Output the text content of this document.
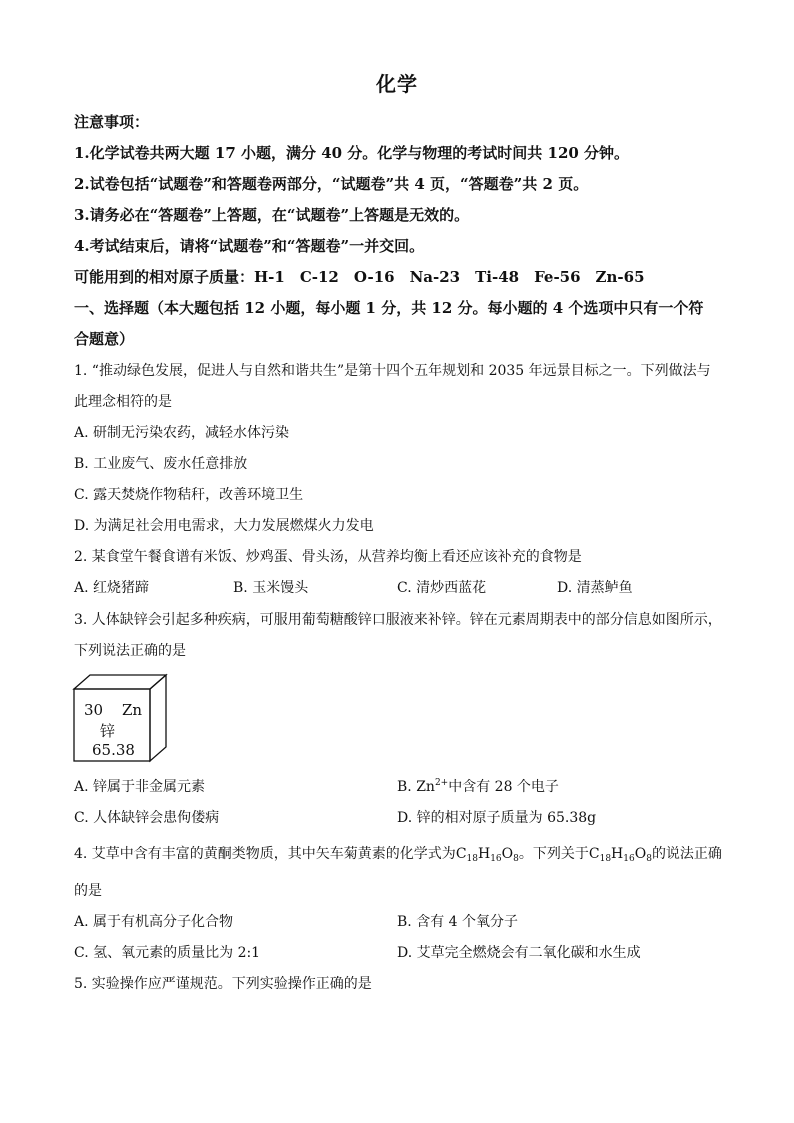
化学
注意事项：
1.化学试卷共两大题 17 小题，满分 40 分。化学与物理的考试时间共 120 分钟。
2.试卷包括“试题卷”和答题卷两部分，“试题卷”共 4 页，“答题卷”共 2 页。
3.请务必在“答题卷”上答题，在“试题卷”上答题是无效的。
4.考试结束后，请将“试题卷”和“答题卷”一并交回。
可能用到的相对原子质量：H-1　C-12　O-16　Na-23　Ti-48　Fe-56　Zn-65
一、选择题（本大题包括 12 小题，每小题 1 分，共 12 分。每小题的 4 个选项中只有一个符
合题意）
1. “推动绿色发展，促进人与自然和谐共生”是第十四个五年规划和 2035 年远景目标之一。下列做法与
此理念相符的是
A. 研制无污染农药，减轻水体污染
B. 工业废气、废水任意排放
C. 露天焚烧作物秸秆，改善环境卫生
D. 为满足社会用电需求，大力发展燃煤火力发电
2. 某食堂午餐食谱有米饭、炒鸡蛋、骨头汤，从营养均衡上看还应该补充的食物是
A. 红烧猪蹄	B. 玉米馒头	C. 清炒西蓝花	D. 清蒸鲈鱼
3. 人体缺锌会引起多种疾病，可服用葡萄糖酸锌口服液来补锌。锌在元素周期表中的部分信息如图所示，
下列说法正确的是
30 Zn
锌
65.38
A. 锌属于非金属元素	B. $Zn^{2+}$中含有 28 个电子
C. 人体缺锌会患佝偻病	D. 锌的相对原子质量为 65.38g
4. 艾草中含有丰富的黄酮类物质，其中矢车菊黄素的化学式为$C_{18}H_{16}O_8$。下列关于$C_{18}H_{16}O_8$的说法正确
的是
A. 属于有机高分子化合物	B. 含有 4 个氧分子
C. 氢、氧元素的质量比为 2:1	D. 艾草完全燃烧会有二氧化碳和水生成
5. 实验操作应严谨规范。下列实验操作正确的是
